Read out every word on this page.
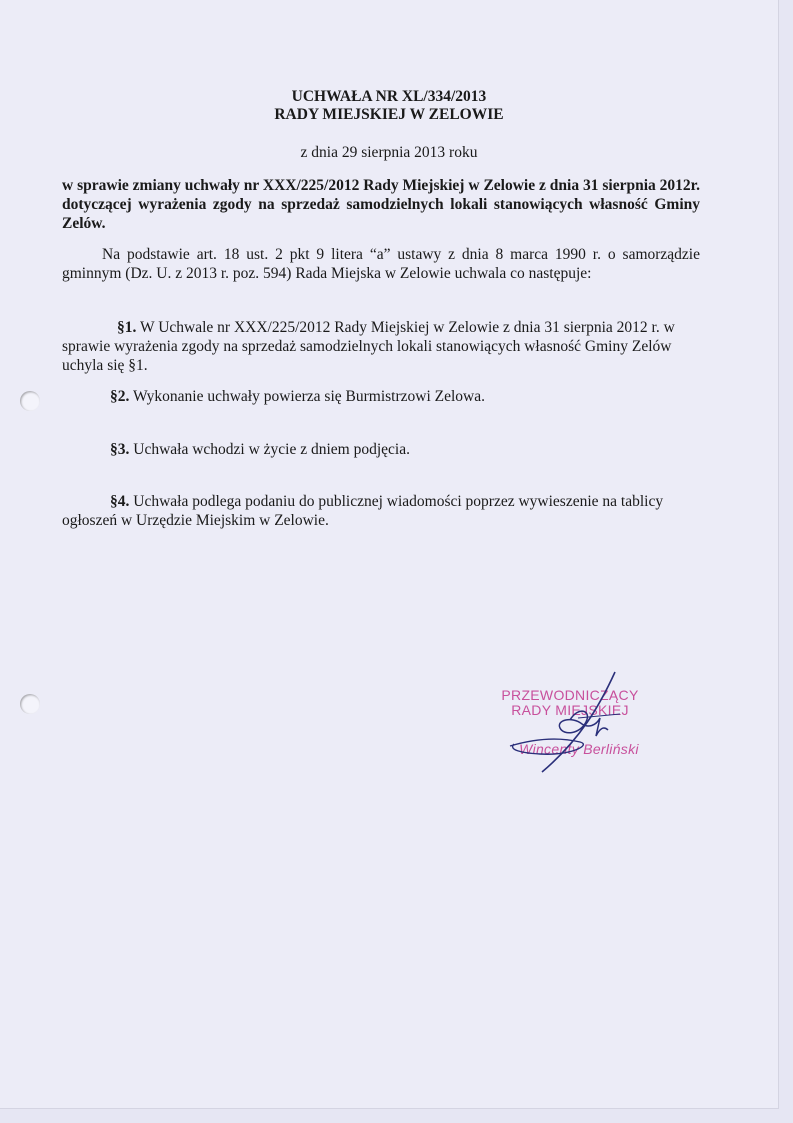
UCHWAŁA NR XL/334/2013
RADY MIEJSKIEJ W ZELOWIE
z dnia 29 sierpnia 2013 roku
w sprawie zmiany uchwały nr XXX/225/2012 Rady Miejskiej w Zelowie z dnia 31 sierpnia 2012r. dotyczącej wyrażenia zgody na sprzedaż samodzielnych lokali stanowiących własność Gminy Zelów.
Na podstawie art. 18 ust. 2 pkt 9 litera “a” ustawy z dnia 8 marca 1990 r. o samorządzie gminnym (Dz. U. z 2013 r. poz. 594) Rada Miejska w Zelowie uchwala co następuje:
§1. W Uchwale nr XXX/225/2012 Rady Miejskiej w Zelowie z dnia 31 sierpnia 2012 r. w sprawie wyrażenia zgody na sprzedaż samodzielnych lokali stanowiących własność Gminy Zelów uchyla się §1.
§2. Wykonanie uchwały powierza się Burmistrzowi Zelowa.
§3. Uchwała wchodzi w życie z dniem podjęcia.
§4. Uchwała podlega podaniu do publicznej wiadomości poprzez wywieszenie na tablicy ogłoszeń w Urzędzie Miejskim w Zelowie.
PRZEWODNICZĄCY
RADY MIEJSKIEJ
Wincenty Berliński
